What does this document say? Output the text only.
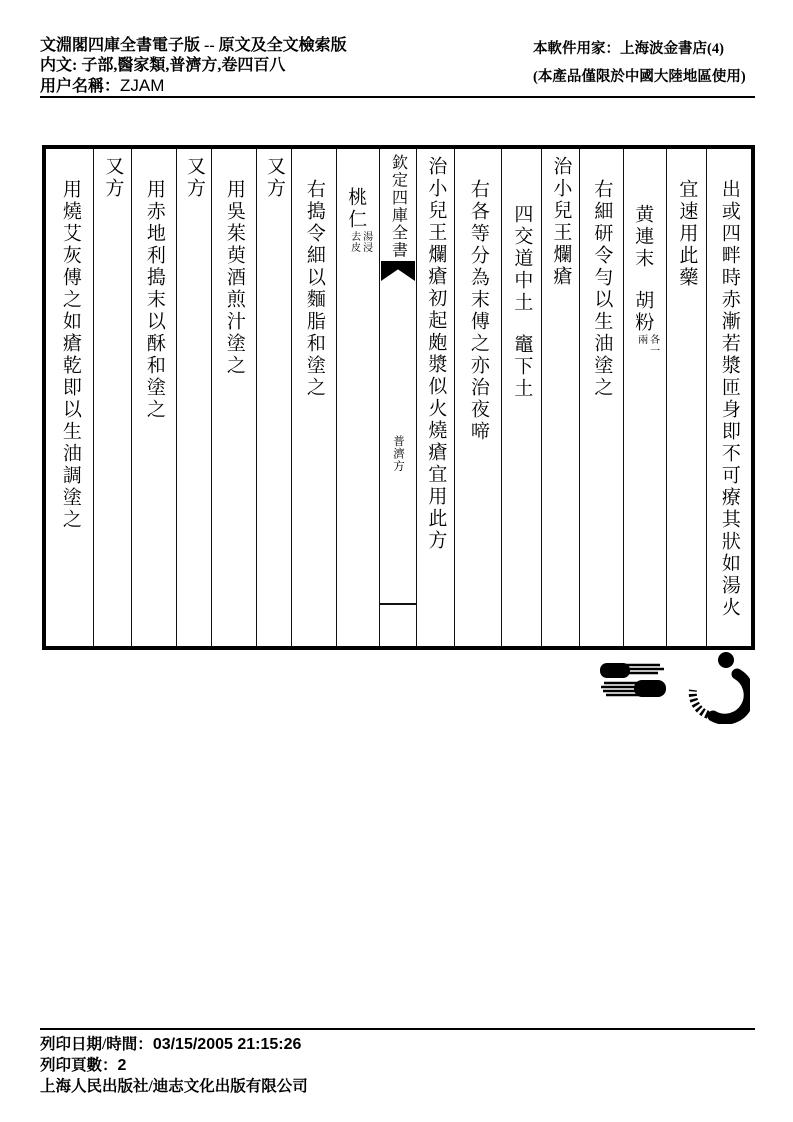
文淵閣四庫全書電子版 -- 原文及全文檢索版
内文: 子部,醫家類,普濟方,卷四百八
用户名稱：ZJAM
本軟件用家：上海波金書店(4)
(本產品僅限於中國大陸地區使用)
出或四畔時赤漸若漿匝身即不可療其狀如湯火
宜速用此藥
黄連末胡粉
各一
兩
右細研令勻以生油塗之
治小兒王爛瘡
四交道中土竈下土
右各等分為末傅之亦治夜啼
治小兒王爛瘡初起皰漿似火燒瘡宜用此方
欽定四庫全書
普濟方
桃仁
湯浸
去皮
右搗令細以麵脂和塗之
又方
用吳茱萸酒煎汁塗之
又方
用赤地利搗末以酥和塗之
又方
用燒艾灰傅之如瘡乾即以生油調塗之
列印日期/時間：03/15/2005 21:15:26
列印頁數：2
上海人民出版社/迪志文化出版有限公司
